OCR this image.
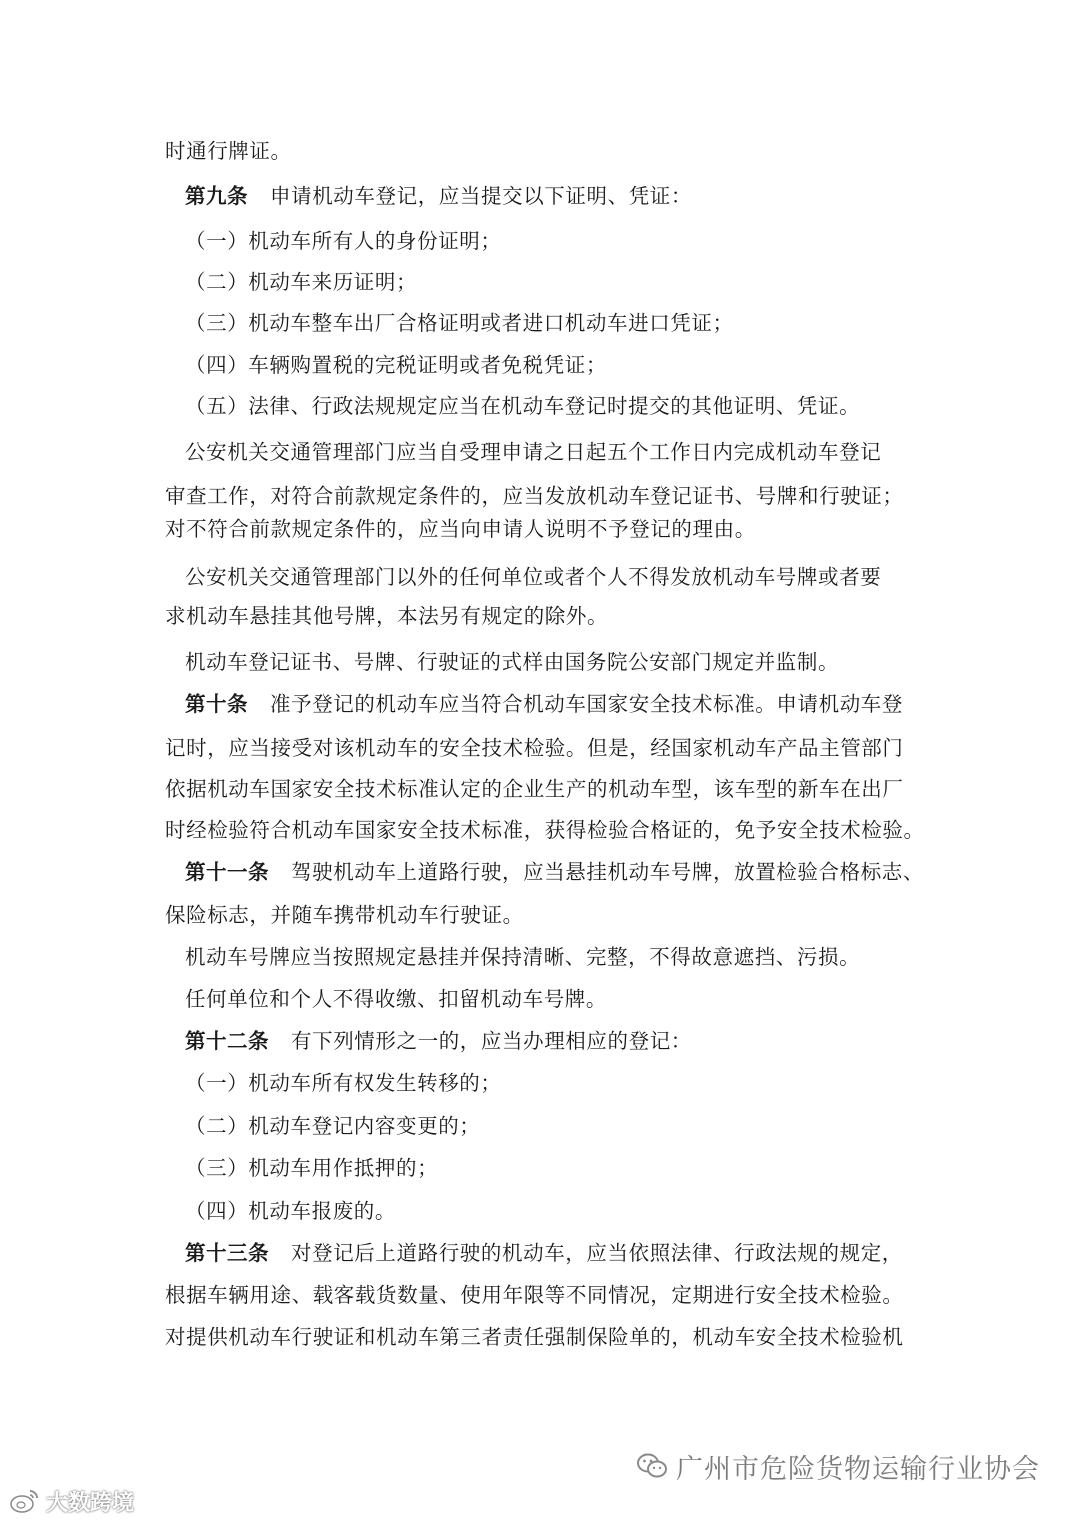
时通行牌证。
第九条 申请机动车登记，应当提交以下证明、凭证：
（一）机动车所有人的身份证明；
（二）机动车来历证明；
（三）机动车整车出厂合格证明或者进口机动车进口凭证；
（四）车辆购置税的完税证明或者免税凭证；
（五）法律、行政法规规定应当在机动车登记时提交的其他证明、凭证。
公安机关交通管理部门应当自受理申请之日起五个工作日内完成机动车登记
审查工作，对符合前款规定条件的，应当发放机动车登记证书、号牌和行驶证；
对不符合前款规定条件的，应当向申请人说明不予登记的理由。
公安机关交通管理部门以外的任何单位或者个人不得发放机动车号牌或者要
求机动车悬挂其他号牌，本法另有规定的除外。
机动车登记证书、号牌、行驶证的式样由国务院公安部门规定并监制。
第十条 准予登记的机动车应当符合机动车国家安全技术标准。申请机动车登
记时，应当接受对该机动车的安全技术检验。但是，经国家机动车产品主管部门
依据机动车国家安全技术标准认定的企业生产的机动车型，该车型的新车在出厂
时经检验符合机动车国家安全技术标准，获得检验合格证的，免予安全技术检验。
第十一条 驾驶机动车上道路行驶，应当悬挂机动车号牌，放置检验合格标志、
保险标志，并随车携带机动车行驶证。
机动车号牌应当按照规定悬挂并保持清晰、完整，不得故意遮挡、污损。
任何单位和个人不得收缴、扣留机动车号牌。
第十二条 有下列情形之一的，应当办理相应的登记：
（一）机动车所有权发生转移的；
（二）机动车登记内容变更的；
（三）机动车用作抵押的；
（四）机动车报废的。
第十三条 对登记后上道路行驶的机动车，应当依照法律、行政法规的规定，
根据车辆用途、载客载货数量、使用年限等不同情况，定期进行安全技术检验。
对提供机动车行驶证和机动车第三者责任强制保险单的，机动车安全技术检验机
广州市危险货物运输行业协会
大数跨境
